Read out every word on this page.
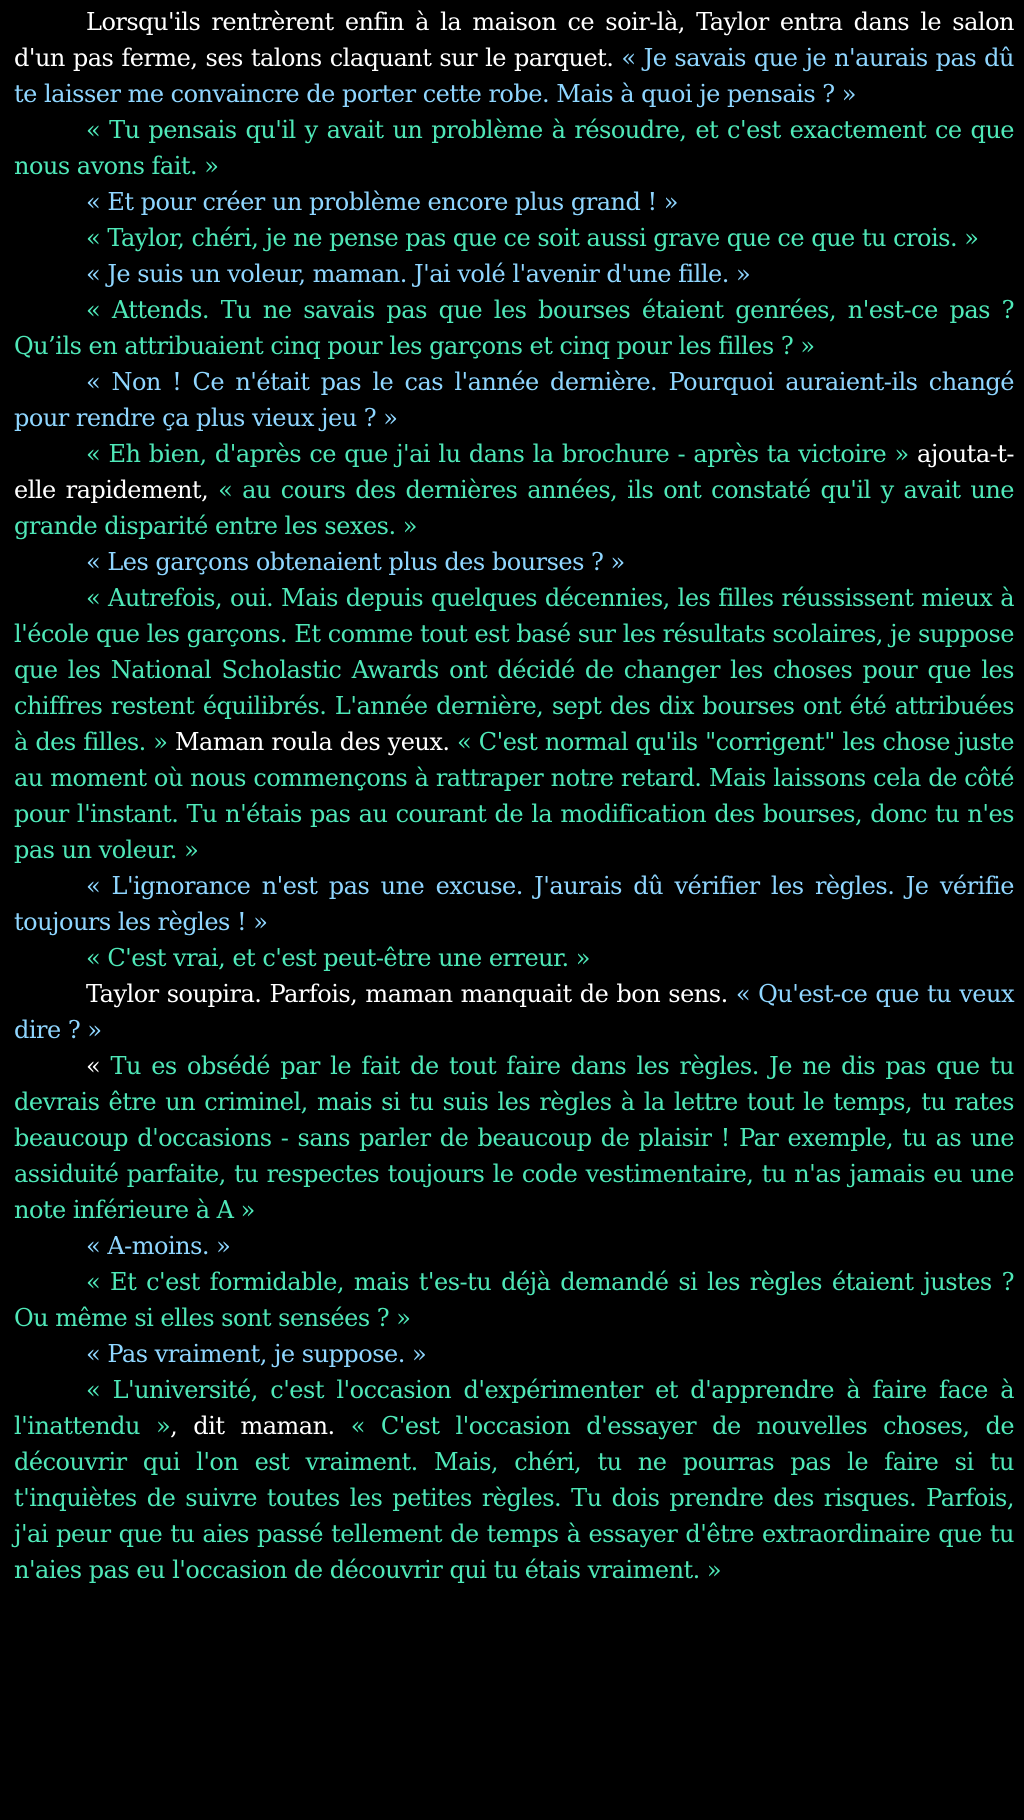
Lorsqu'ils rentrèrent enfin à la maison ce soir-là, Taylor entra dans le salon d'un pas ferme, ses talons claquant sur le parquet. « Je savais que je n'aurais pas dû te laisser me convaincre de porter cette robe. Mais à quoi je pensais ? »

« Tu pensais qu'il y avait un problème à résoudre, et c'est exactement ce que nous avons fait. »

« Et pour créer un problème encore plus grand ! »

« Taylor, chéri, je ne pense pas que ce soit aussi grave que ce que tu crois. »

« Je suis un voleur, maman. J'ai volé l'avenir d'une fille. »

« Attends. Tu ne savais pas que les bourses étaient genrées, n'est-ce pas ? Qu’ils en attribuaient cinq pour les garçons et cinq pour les filles ? »

« Non ! Ce n'était pas le cas l'année dernière. Pourquoi auraient-ils changé pour rendre ça plus vieux jeu ? »

« Eh bien, d'après ce que j'ai lu dans la brochure - après ta victoire » ajouta-t-elle rapidement, « au cours des dernières années, ils ont constaté qu'il y avait une grande disparité entre les sexes. »

« Les garçons obtenaient plus des bourses ? »

« Autrefois, oui. Mais depuis quelques décennies, les filles réussissent mieux à l'école que les garçons. Et comme tout est basé sur les résultats scolaires, je suppose que les National Scholastic Awards ont décidé de changer les choses pour que les chiffres restent équilibrés. L'année dernière, sept des dix bourses ont été attribuées à des filles. » Maman roula des yeux. « C'est normal qu'ils "corrigent" les chose juste au moment où nous commençons à rattraper notre retard. Mais laissons cela de côté pour l'instant. Tu n'étais pas au courant de la modification des bourses, donc tu n'es pas un voleur. »

« L'ignorance n'est pas une excuse. J'aurais dû vérifier les règles. Je vérifie toujours les règles ! »

« C'est vrai, et c'est peut-être une erreur. »

Taylor soupira. Parfois, maman manquait de bon sens. « Qu'est-ce que tu veux dire ? »

« Tu es obsédé par le fait de tout faire dans les règles. Je ne dis pas que tu devrais être un criminel, mais si tu suis les règles à la lettre tout le temps, tu rates beaucoup d'occasions - sans parler de beaucoup de plaisir ! Par exemple, tu as une assiduité parfaite, tu respectes toujours le code vestimentaire, tu n'as jamais eu une note inférieure à A »

« A-moins. »

« Et c'est formidable, mais t'es-tu déjà demandé si les règles étaient justes ? Ou même si elles sont sensées ? »

« Pas vraiment, je suppose. »

« L'université, c'est l'occasion d'expérimenter et d'apprendre à faire face à l'inattendu », dit maman. « C'est l'occasion d'essayer de nouvelles choses, de découvrir qui l'on est vraiment. Mais, chéri, tu ne pourras pas le faire si tu t'inquiètes de suivre toutes les petites règles. Tu dois prendre des risques. Parfois, j'ai peur que tu aies passé tellement de temps à essayer d'être extraordinaire que tu n'aies pas eu l'occasion de découvrir qui tu étais vraiment. »
